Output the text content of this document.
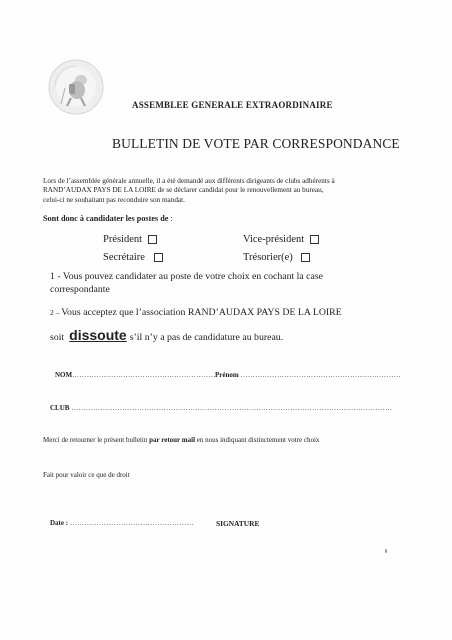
ASSEMBLEE GENERALE EXTRAORDINAIRE
BULLETIN DE VOTE PAR CORRESPONDANCE
Lors de l’assemblée générale annuelle, il a été demandé aux différents dirigeants de clubs adhérents à
RAND’AUDAX PAYS DE LA LOIRE de se déclarer candidat pour le renouvellement au bureau,
celui-ci ne souhaitant pas reconduire son mandat.
Sont donc à candidater les postes de :
Président	Vice-président
Secrétaire	Trésorier(e)
1 - Vous pouvez candidater au poste de votre choix en cochant la case
correspondante
2 – Vous acceptez que l’association RAND’AUDAX PAYS DE LA LOIRE
soit dissoute s’il n’y a pas de candidature au bureau.
NOM……………………………………………………
Prénom …………………………………………………………
CLUB ……………………………………………………………………………………………………………………
Merci de retourner le présent bulletin par retour mail en nous indiquant distinctement votre choix
Fait pour valoir ce que de droit
Date : ……………………………………………	SIGNATURE
